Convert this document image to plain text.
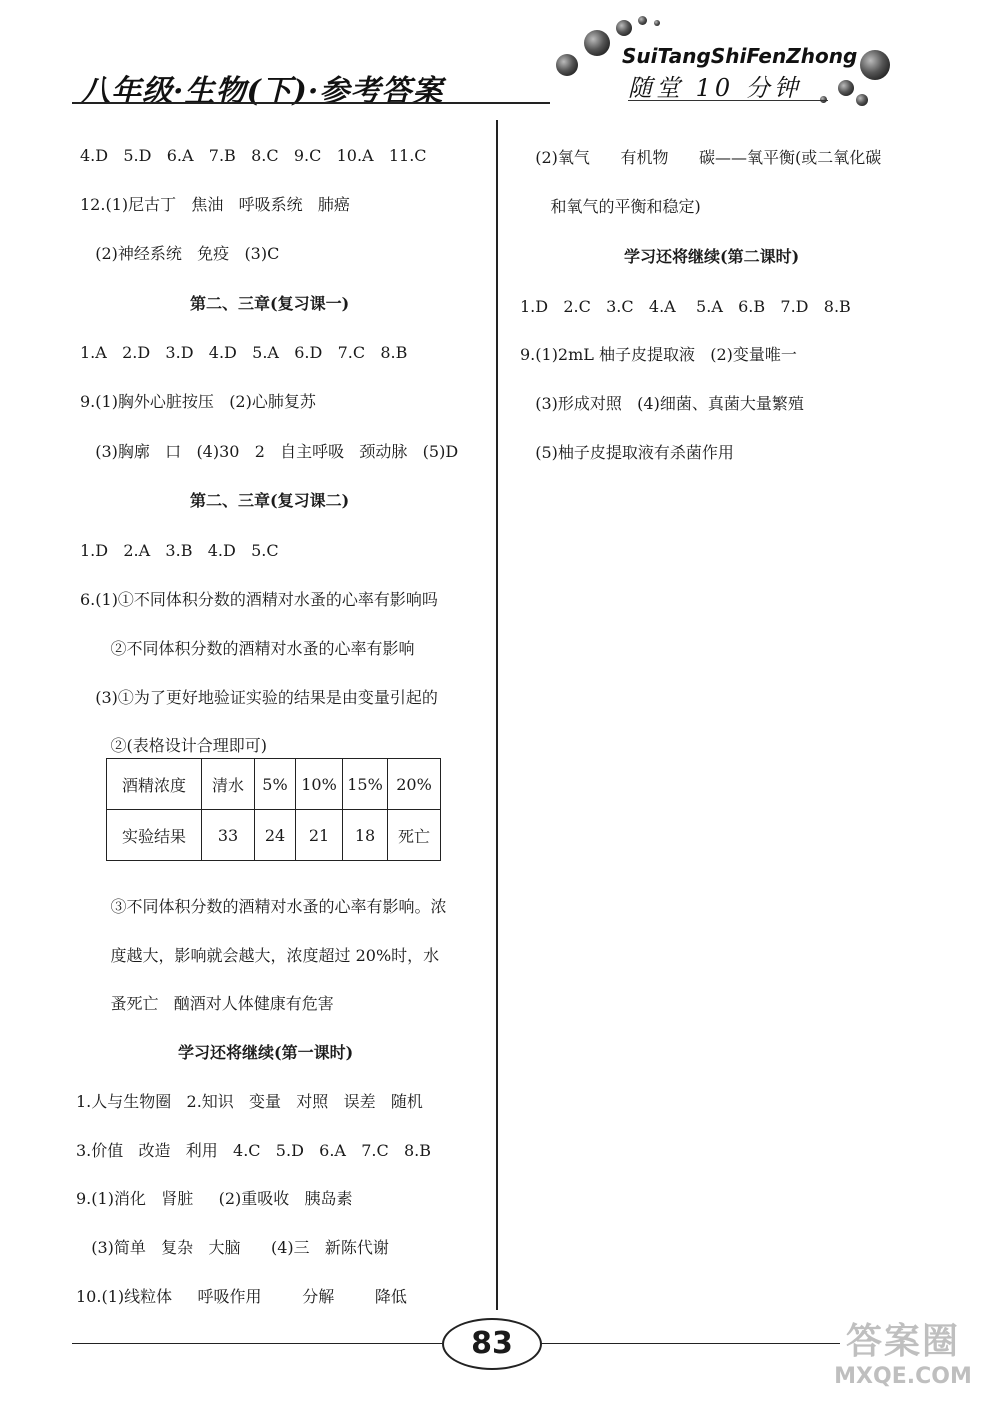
八年级·生物(下)·参考答案
SuiTangShiFenZhong
随堂 10 分钟
4.D   5.D   6.A   7.B   8.C   9.C   10.A   11.C
12.(1)尼古丁   焦油   呼吸系统   肺癌
(2)神经系统   免疫   (3)C
第二、三章(复习课一)
1.A   2.D   3.D   4.D   5.A   6.D   7.C   8.B
9.(1)胸外心脏按压   (2)心肺复苏
(3)胸廓   口   (4)30   2   自主呼吸   颈动脉   (5)D
第二、三章(复习课二)
1.D   2.A   3.B   4.D   5.C
6.(1)①不同体积分数的酒精对水蚤的心率有影响吗
②不同体积分数的酒精对水蚤的心率有影响
(3)①为了更好地验证实验的结果是由变量引起的
②(表格设计合理即可)
酒精浓度	清水	5%	10%	15%	20%
实验结果	33	24	21	18	死亡
③不同体积分数的酒精对水蚤的心率有影响。浓
度越大，影响就会越大，浓度超过 20%时，水
蚤死亡   酗酒对人体健康有危害
学习还将继续(第一课时)
1.人与生物圈   2.知识   变量   对照   误差   随机
3.价值   改造   利用   4.C   5.D   6.A   7.C   8.B
9.(1)消化   肾脏     (2)重吸收   胰岛素
(3)简单   复杂   大脑      (4)三   新陈代谢
10.(1)线粒体     呼吸作用        分解        降低
(2)氧气      有机物      碳——氧平衡(或二氧化碳
和氧气的平衡和稳定)
学习还将继续(第二课时)
1.D   2.C   3.C   4.A    5.A   6.B   7.D   8.B
9.(1)2mL 柚子皮提取液   (2)变量唯一
(3)形成对照   (4)细菌、真菌大量繁殖
(5)柚子皮提取液有杀菌作用
83	答案圈
MXQE.COM
